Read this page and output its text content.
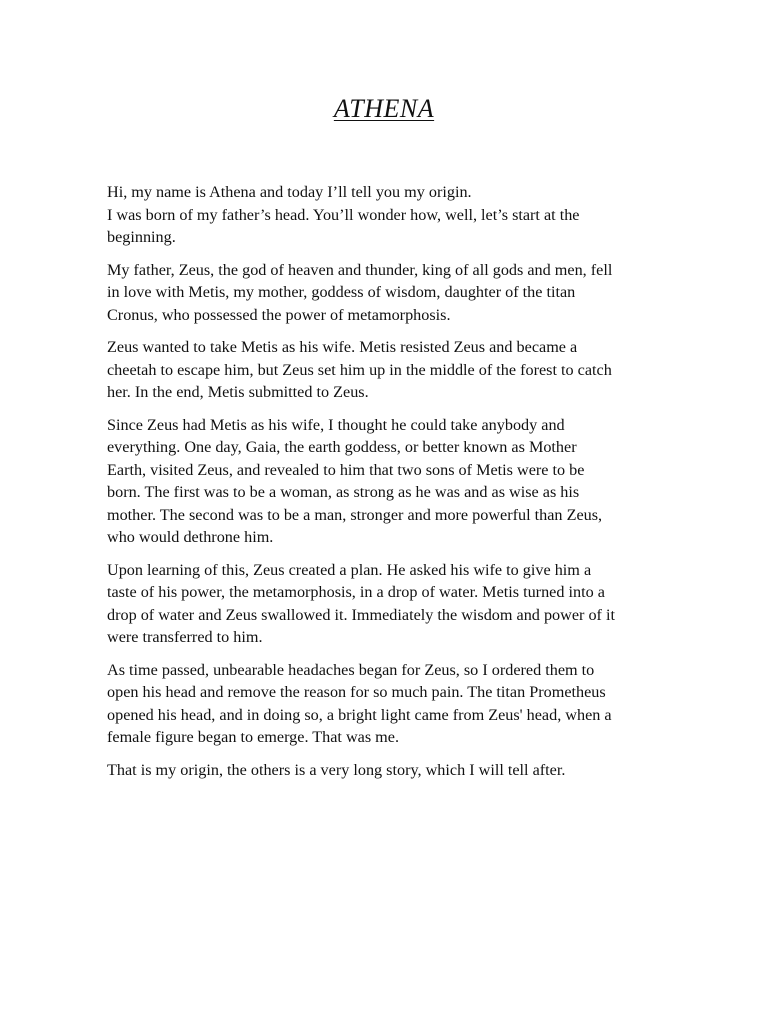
ATHENA

Hi, my name is Athena and today I’ll tell you my origin.
I was born of my father’s head. You’ll wonder how, well, let’s start at the
beginning.

My father, Zeus, the god of heaven and thunder, king of all gods and men, fell
in love with Metis, my mother, goddess of wisdom, daughter of the titan
Cronus, who possessed the power of metamorphosis.

Zeus wanted to take Metis as his wife. Metis resisted Zeus and became a
cheetah to escape him, but Zeus set him up in the middle of the forest to catch
her. In the end, Metis submitted to Zeus.

Since Zeus had Metis as his wife, I thought he could take anybody and
everything. One day, Gaia, the earth goddess, or better known as Mother
Earth, visited Zeus, and revealed to him that two sons of Metis were to be
born. The first was to be a woman, as strong as he was and as wise as his
mother. The second was to be a man, stronger and more powerful than Zeus,
who would dethrone him.

Upon learning of this, Zeus created a plan. He asked his wife to give him a
taste of his power, the metamorphosis, in a drop of water. Metis turned into a
drop of water and Zeus swallowed it. Immediately the wisdom and power of it
were transferred to him.

As time passed, unbearable headaches began for Zeus, so I ordered them to
open his head and remove the reason for so much pain. The titan Prometheus
opened his head, and in doing so, a bright light came from Zeus' head, when a
female figure began to emerge. That was me.

That is my origin, the others is a very long story, which I will tell after.
